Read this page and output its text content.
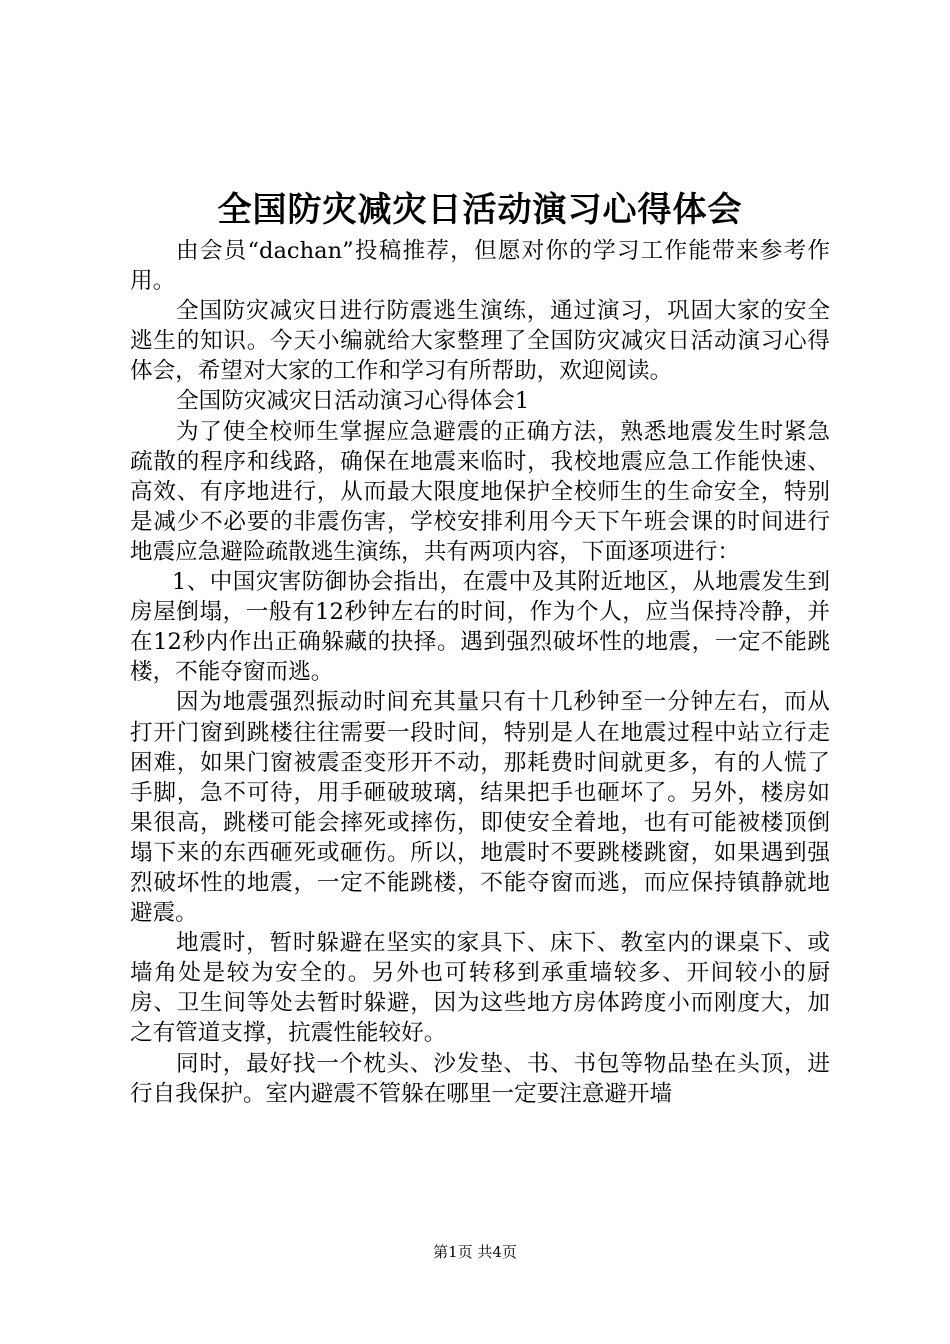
全国防灾减灾日活动演习心得体会

由会员“dachan”投稿推荐，但愿对你的学习工作能带来参考作用。

全国防灾减灾日进行防震逃生演练，通过演习，巩固大家的安全逃生的知识。今天小编就给大家整理了全国防灾减灾日活动演习心得体会，希望对大家的工作和学习有所帮助，欢迎阅读。

全国防灾减灾日活动演习心得体会1

为了使全校师生掌握应急避震的正确方法，熟悉地震发生时紧急疏散的程序和线路，确保在地震来临时，我校地震应急工作能快速、高效、有序地进行，从而最大限度地保护全校师生的生命安全，特别是减少不必要的非震伤害，学校安排利用今天下午班会课的时间进行地震应急避险疏散逃生演练，共有两项内容，下面逐项进行：

1、中国灾害防御协会指出，在震中及其附近地区，从地震发生到房屋倒塌，一般有12秒钟左右的时间，作为个人，应当保持冷静，并在12秒内作出正确躲藏的抉择。遇到强烈破坏性的地震，一定不能跳楼，不能夺窗而逃。

因为地震强烈振动时间充其量只有十几秒钟至一分钟左右，而从打开门窗到跳楼往往需要一段时间，特别是人在地震过程中站立行走困难，如果门窗被震歪变形开不动，那耗费时间就更多，有的人慌了手脚，急不可待，用手砸破玻璃，结果把手也砸坏了。另外，楼房如果很高，跳楼可能会摔死或摔伤，即使安全着地，也有可能被楼顶倒塌下来的东西砸死或砸伤。所以，地震时不要跳楼跳窗，如果遇到强烈破坏性的地震，一定不能跳楼，不能夺窗而逃，而应保持镇静就地避震。

地震时，暂时躲避在坚实的家具下、床下、教室内的课桌下、或墙角处是较为安全的。另外也可转移到承重墙较多、开间较小的厨房、卫生间等处去暂时躲避，因为这些地方房体跨度小而刚度大，加之有管道支撑，抗震性能较好。

同时，最好找一个枕头、沙发垫、书、书包等物品垫在头顶，进行自我保护。室内避震不管躲在哪里一定要注意避开墙

第1页 共4页
